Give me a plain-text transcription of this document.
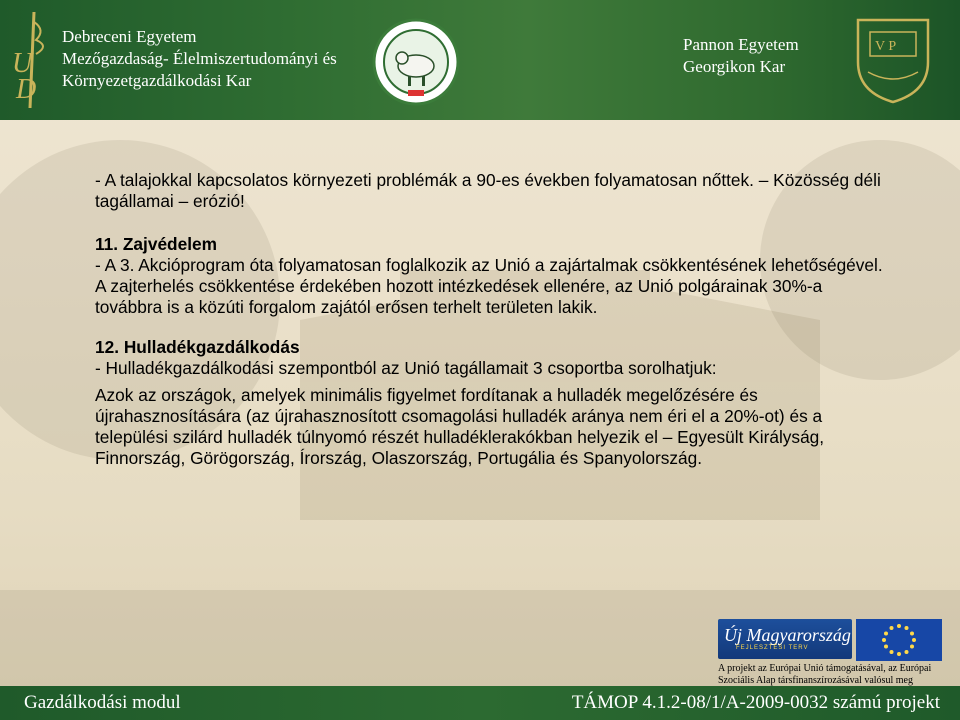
U
D
Debreceni Egyetem
Mezőgazdaság- Élelmiszertudományi és
Környezetgazdálkodási Kar
Pannon Egyetem
Georgikon Kar
V P

- A talajokkal kapcsolatos környezeti problémák a 90-es években folyamatosan nőttek. – Közösség déli tagállamai – erózió!

11. Zajvédelem

- A 3. Akcióprogram óta folyamatosan foglalkozik az Unió a zajártalmak csökkentésének lehetőségével. A zajterhelés csökkentése érdekében hozott intézkedések ellenére, az Unió polgárainak 30%-a továbbra is a közúti forgalom zajától erősen terhelt területen lakik.

12. Hulladékgazdálkodás

- Hulladékgazdálkodási szempontból az Unió tagállamait 3 csoportba sorolhatjuk:

Azok az országok, amelyek minimális figyelmet fordítanak a hulladék megelőzésére és újrahasznosítására (az újrahasznosított csomagolási hulladék aránya nem éri el a 20%-ot) és a települési szilárd hulladék túlnyomó részét hulladéklerakókban helyezik el – Egyesült Királyság, Finnország, Görögország, Írország, Olaszország, Portugália és Spanyolország.

Új Magyarország
FEJLESZTÉSI TERV
A projekt az Európai Unió támogatásával, az Európai
Szociális Alap társfinanszírozásával valósul meg
Gazdálkodási modul	TÁMOP 4.1.2-08/1/A-2009-0032 számú projekt
